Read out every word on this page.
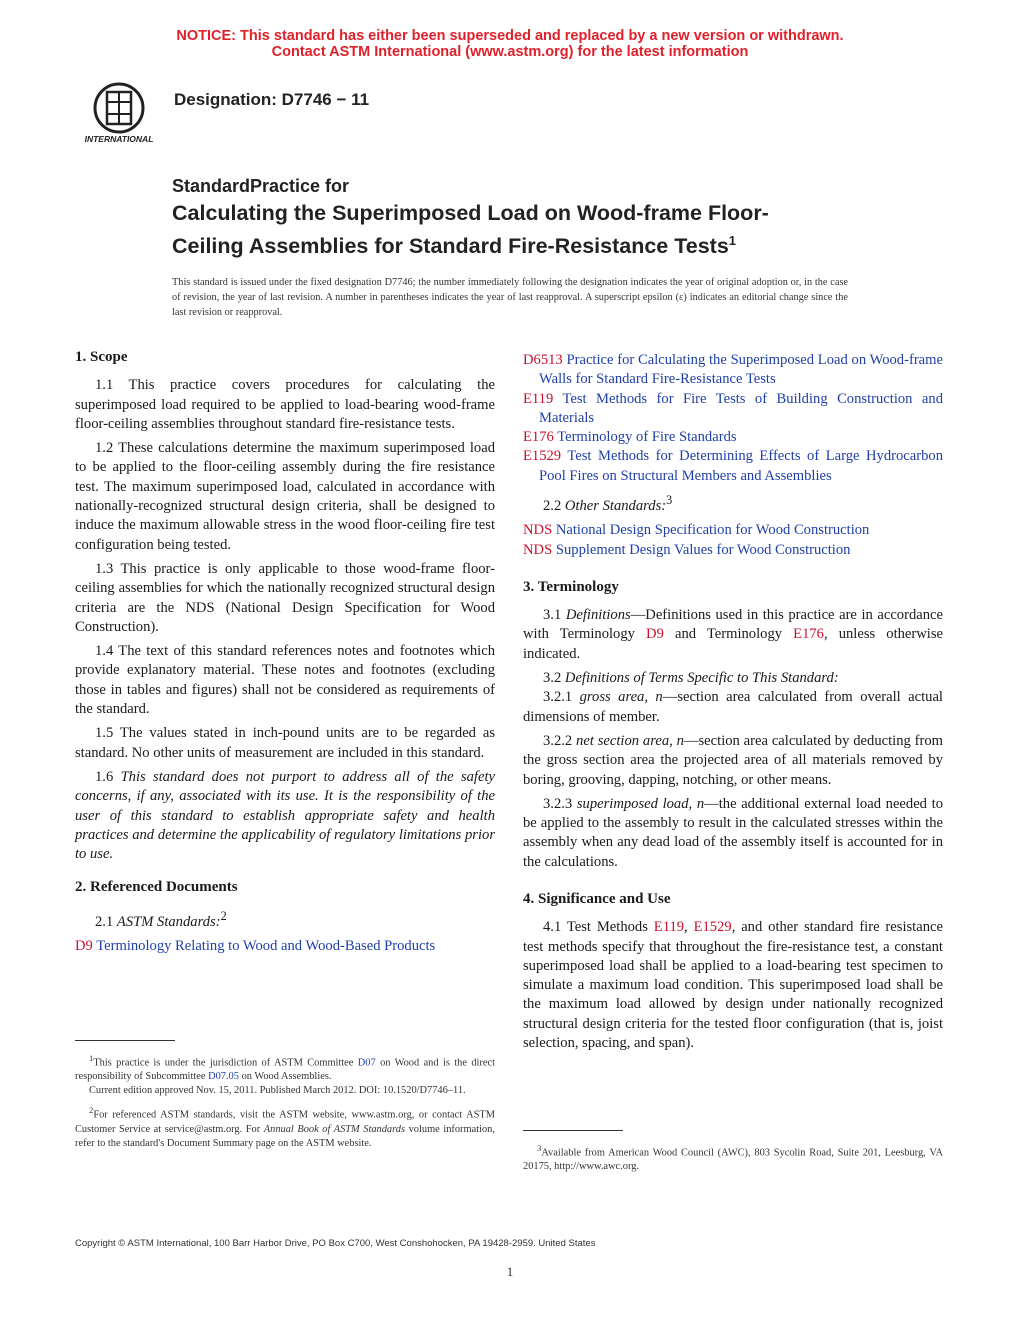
NOTICE: This standard has either been superseded and replaced by a new version or withdrawn.
Contact ASTM International (www.astm.org) for the latest information
INTERNATIONAL
Designation: D7746 − 11
StandardPractice for
Calculating the Superimposed Load on Wood-frame Floor-
Ceiling Assemblies for Standard Fire-Resistance Tests$^1$
This standard is issued under the fixed designation D7746; the number immediately following the designation indicates the year of original adoption or, in the case of revision, the year of last revision. A number in parentheses indicates the year of last reapproval. A superscript epsilon (ε) indicates an editorial change since the last revision or reapproval.
1. Scope

1.1 This practice covers procedures for calculating the superimposed load required to be applied to load-bearing wood-frame floor-ceiling assemblies throughout standard fire-resistance tests.

1.2 These calculations determine the maximum superimposed load to be applied to the floor-ceiling assembly during the fire resistance test. The maximum superimposed load, calculated in accordance with nationally-recognized structural design criteria, shall be designed to induce the maximum allowable stress in the wood floor-ceiling fire test configuration being tested.

1.3 This practice is only applicable to those wood-frame floor-ceiling assemblies for which the nationally recognized structural design criteria are the NDS (National Design Specification for Wood Construction).

1.4 The text of this standard references notes and footnotes which provide explanatory material. These notes and footnotes (excluding those in tables and figures) shall not be considered as requirements of the standard.

1.5 The values stated in inch-pound units are to be regarded as standard. No other units of measurement are included in this standard.

1.6 This standard does not purport to address all of the safety concerns, if any, associated with its use. It is the responsibility of the user of this standard to establish appropriate safety and health practices and determine the applicability of regulatory limitations prior to use.

2. Referenced Documents

2.1 ASTM Standards:$^2$

D9 Terminology Relating to Wood and Wood-Based Products
D6513 Practice for Calculating the Superimposed Load on Wood-frame Walls for Standard Fire-Resistance Tests
E119 Test Methods for Fire Tests of Building Construction and Materials
E176 Terminology of Fire Standards
E1529 Test Methods for Determining Effects of Large Hydrocarbon Pool Fires on Structural Members and Assemblies

2.2 Other Standards:$^3$

NDS National Design Specification for Wood Construction
NDS Supplement Design Values for Wood Construction
3. Terminology

3.1 Definitions—Definitions used in this practice are in accordance with Terminology D9 and Terminology E176, unless otherwise indicated.

3.2 Definitions of Terms Specific to This Standard:

3.2.1 gross area, n—section area calculated from overall actual dimensions of member.

3.2.2 net section area, n—section area calculated by deducting from the gross section area the projected area of all materials removed by boring, grooving, dapping, notching, or other means.

3.2.3 superimposed load, n—the additional external load needed to be applied to the assembly to result in the calculated stresses within the assembly when any dead load of the assembly itself is accounted for in the calculations.

4. Significance and Use

4.1 Test Methods E119, E1529, and other standard fire resistance test methods specify that throughout the fire-resistance test, a constant superimposed load shall be applied to a load-bearing test specimen to simulate a maximum load condition. This superimposed load shall be the maximum load allowed by design under nationally recognized structural design criteria for the tested floor configuration (that is, joist selection, spacing, and span).

$^1$This practice is under the jurisdiction of ASTM Committee D07 on Wood and is the direct responsibility of Subcommittee D07.05 on Wood Assemblies.

Current edition approved Nov. 15, 2011. Published March 2012. DOI: 10.1520/D7746–11.

$^2$For referenced ASTM standards, visit the ASTM website, www.astm.org, or contact ASTM Customer Service at service@astm.org. For Annual Book of ASTM Standards volume information, refer to the standard's Document Summary page on the ASTM website.	$^3$Available from American Wood Council (AWC), 803 Sycolin Road, Suite 201, Leesburg, VA 20175, http://www.awc.org.

Copyright © ASTM International, 100 Barr Harbor Drive, PO Box C700, West Conshohocken, PA 19428-2959. United States
1
